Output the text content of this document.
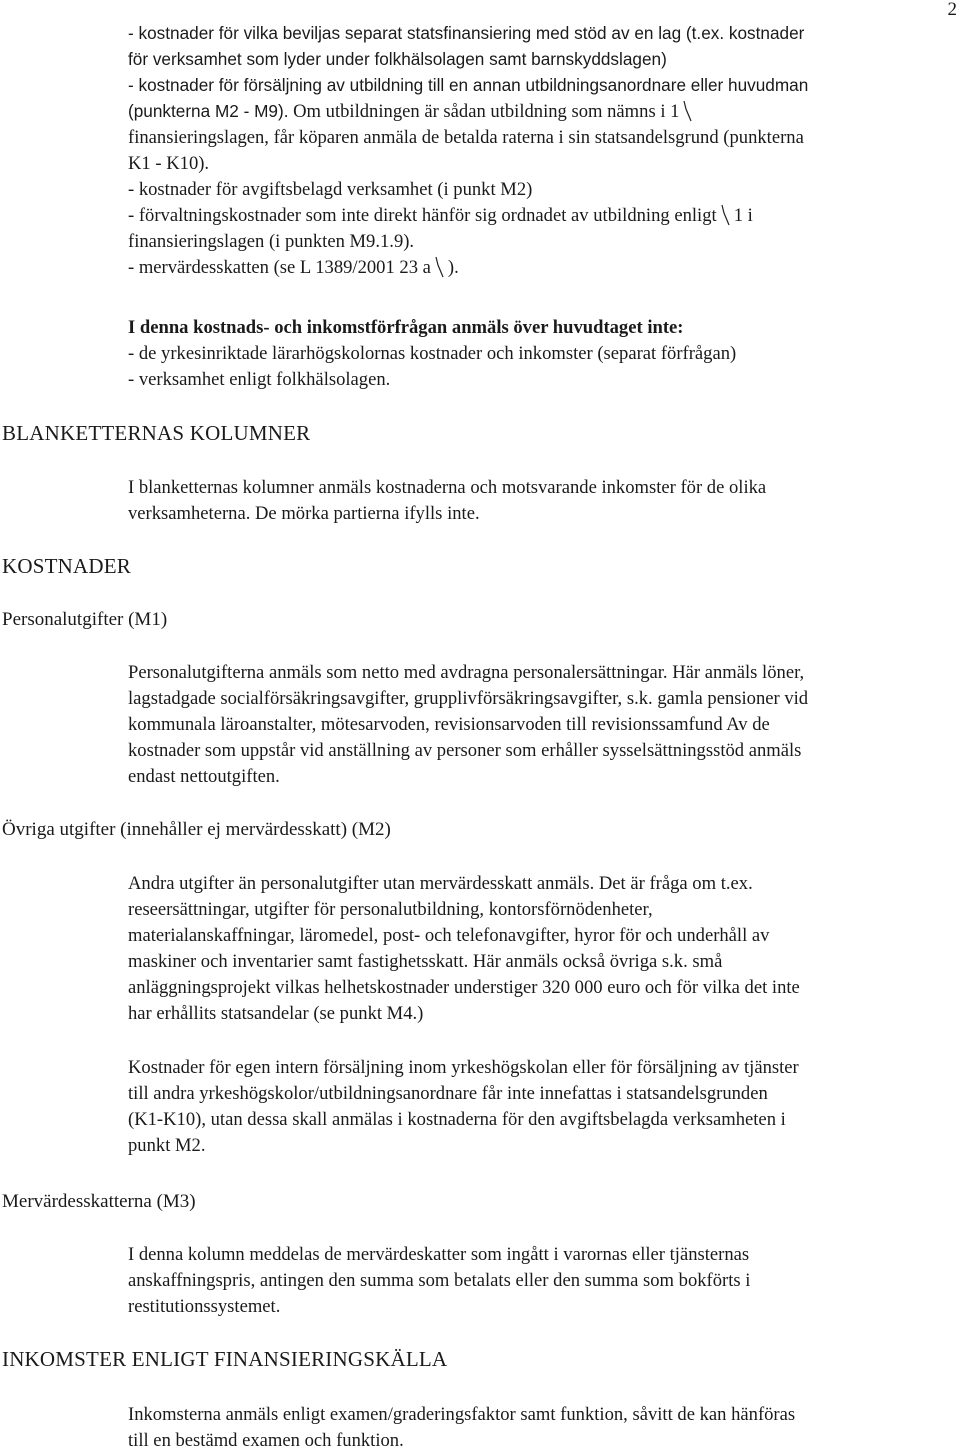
2
- kostnader för vilka beviljas separat statsfinansiering med stöd av en lag (t.ex. kostnader
för verksamhet som lyder under folkhälsolagen samt barnskyddslagen)
- kostnader för försäljning av utbildning till en annan utbildningsanordnare eller huvudman
(punkterna M2 - M9). Om utbildningen är sådan utbildning som nämns i 1
finansieringslagen, får köparen anmäla de betalda raterna i sin statsandelsgrund (punkterna
K1 - K10).
- kostnader för avgiftsbelagd verksamhet (i punkt M2)
- förvaltningskostnader som inte direkt hänför sig ordnadet av utbildning enligt 1 i
finansieringslagen (i punkten M9.1.9).
- mervärdesskatten (se L 1389/2001 23 a ).
I denna kostnads- och inkomstförfrågan anmäls över huvudtaget inte:
- de yrkesinriktade lärarhögskolornas kostnader och inkomster (separat förfrågan)
- verksamhet enligt folkhälsolagen.
BLANKETTERNAS KOLUMNER
I blanketternas kolumner anmäls kostnaderna och motsvarande inkomster för de olika
verksamheterna. De mörka partierna ifylls inte.
KOSTNADER
Personalutgifter (M1)
Personalutgifterna anmäls som netto med avdragna personalersättningar. Här anmäls löner,
lagstadgade socialförsäkringsavgifter, grupplivförsäkringsavgifter, s.k. gamla pensioner vid
kommunala läroanstalter, mötesarvoden, revisionsarvoden till revisionssamfund Av de
kostnader som uppstår vid anställning av personer som erhåller sysselsättningsstöd anmäls
endast nettoutgiften.
Övriga utgifter (innehåller ej mervärdesskatt) (M2)
Andra utgifter än personalutgifter utan mervärdesskatt anmäls. Det är fråga om t.ex.
reseersättningar, utgifter för personalutbildning, kontorsförnödenheter,
materialanskaffningar, läromedel, post- och telefonavgifter, hyror för och underhåll av
maskiner och inventarier samt fastighetsskatt. Här anmäls också övriga s.k. små
anläggningsprojekt vilkas helhetskostnader understiger 320 000 euro och för vilka det inte
har erhållits statsandelar (se punkt M4.)
Kostnader för egen intern försäljning inom yrkeshögskolan eller för försäljning av tjänster
till andra yrkeshögskolor/utbildningsanordnare får inte innefattas i statsandelsgrunden
(K1-K10), utan dessa skall anmälas i kostnaderna för den avgiftsbelagda verksamheten i
punkt M2.
Mervärdesskatterna (M3)
I denna kolumn meddelas de mervärdeskatter som ingått i varornas eller tjänsternas
anskaffningspris, antingen den summa som betalats eller den summa som bokförts i
restitutionssystemet.
INKOMSTER ENLIGT FINANSIERINGSKÄLLA
Inkomsterna anmäls enligt examen/graderingsfaktor samt funktion, såvitt de kan hänföras
till en bestämd examen och funktion.
